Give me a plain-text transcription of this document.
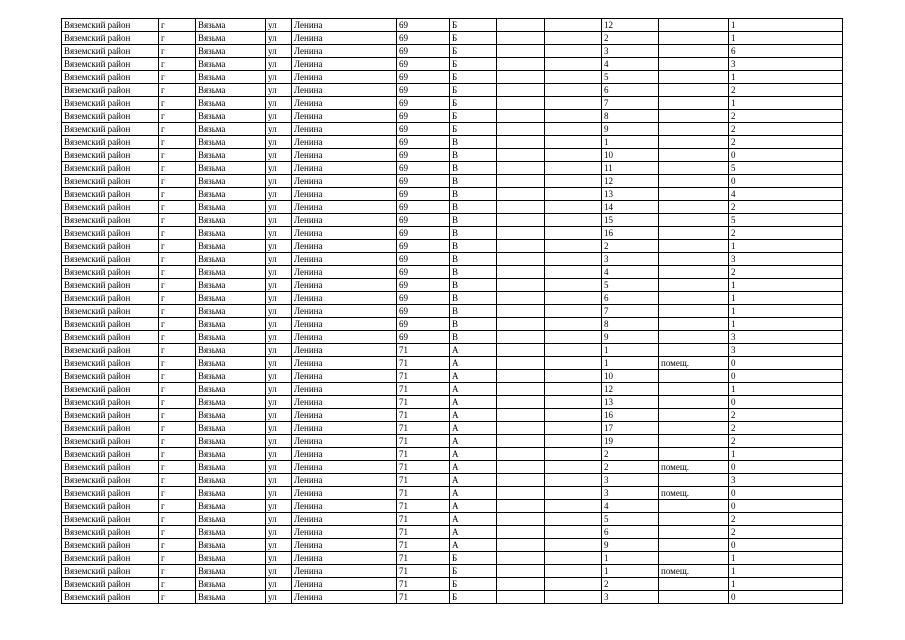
Вяземский район	г	Вязьма	ул	Ленина	69	Б			12		1
Вяземский район	г	Вязьма	ул	Ленина	69	Б			2		1
Вяземский район	г	Вязьма	ул	Ленина	69	Б			3		6
Вяземский район	г	Вязьма	ул	Ленина	69	Б			4		3
Вяземский район	г	Вязьма	ул	Ленина	69	Б			5		1
Вяземский район	г	Вязьма	ул	Ленина	69	Б			6		2
Вяземский район	г	Вязьма	ул	Ленина	69	Б			7		1
Вяземский район	г	Вязьма	ул	Ленина	69	Б			8		2
Вяземский район	г	Вязьма	ул	Ленина	69	Б			9		2
Вяземский район	г	Вязьма	ул	Ленина	69	В			1		2
Вяземский район	г	Вязьма	ул	Ленина	69	В			10		0
Вяземский район	г	Вязьма	ул	Ленина	69	В			11		5
Вяземский район	г	Вязьма	ул	Ленина	69	В			12		0
Вяземский район	г	Вязьма	ул	Ленина	69	В			13		4
Вяземский район	г	Вязьма	ул	Ленина	69	В			14		2
Вяземский район	г	Вязьма	ул	Ленина	69	В			15		5
Вяземский район	г	Вязьма	ул	Ленина	69	В			16		2
Вяземский район	г	Вязьма	ул	Ленина	69	В			2		1
Вяземский район	г	Вязьма	ул	Ленина	69	В			3		3
Вяземский район	г	Вязьма	ул	Ленина	69	В			4		2
Вяземский район	г	Вязьма	ул	Ленина	69	В			5		1
Вяземский район	г	Вязьма	ул	Ленина	69	В			6		1
Вяземский район	г	Вязьма	ул	Ленина	69	В			7		1
Вяземский район	г	Вязьма	ул	Ленина	69	В			8		1
Вяземский район	г	Вязьма	ул	Ленина	69	В			9		3
Вяземский район	г	Вязьма	ул	Ленина	71	А			1		3
Вяземский район	г	Вязьма	ул	Ленина	71	А			1	помещ.	0
Вяземский район	г	Вязьма	ул	Ленина	71	А			10		0
Вяземский район	г	Вязьма	ул	Ленина	71	А			12		1
Вяземский район	г	Вязьма	ул	Ленина	71	А			13		0
Вяземский район	г	Вязьма	ул	Ленина	71	А			16		2
Вяземский район	г	Вязьма	ул	Ленина	71	А			17		2
Вяземский район	г	Вязьма	ул	Ленина	71	А			19		2
Вяземский район	г	Вязьма	ул	Ленина	71	А			2		1
Вяземский район	г	Вязьма	ул	Ленина	71	А			2	помещ.	0
Вяземский район	г	Вязьма	ул	Ленина	71	А			3		3
Вяземский район	г	Вязьма	ул	Ленина	71	А			3	помещ.	0
Вяземский район	г	Вязьма	ул	Ленина	71	А			4		0
Вяземский район	г	Вязьма	ул	Ленина	71	А			5		2
Вяземский район	г	Вязьма	ул	Ленина	71	А			6		2
Вяземский район	г	Вязьма	ул	Ленина	71	А			9		0
Вяземский район	г	Вязьма	ул	Ленина	71	Б			1		1
Вяземский район	г	Вязьма	ул	Ленина	71	Б			1	помещ.	1
Вяземский район	г	Вязьма	ул	Ленина	71	Б			2		1
Вяземский район	г	Вязьма	ул	Ленина	71	Б			3		0
